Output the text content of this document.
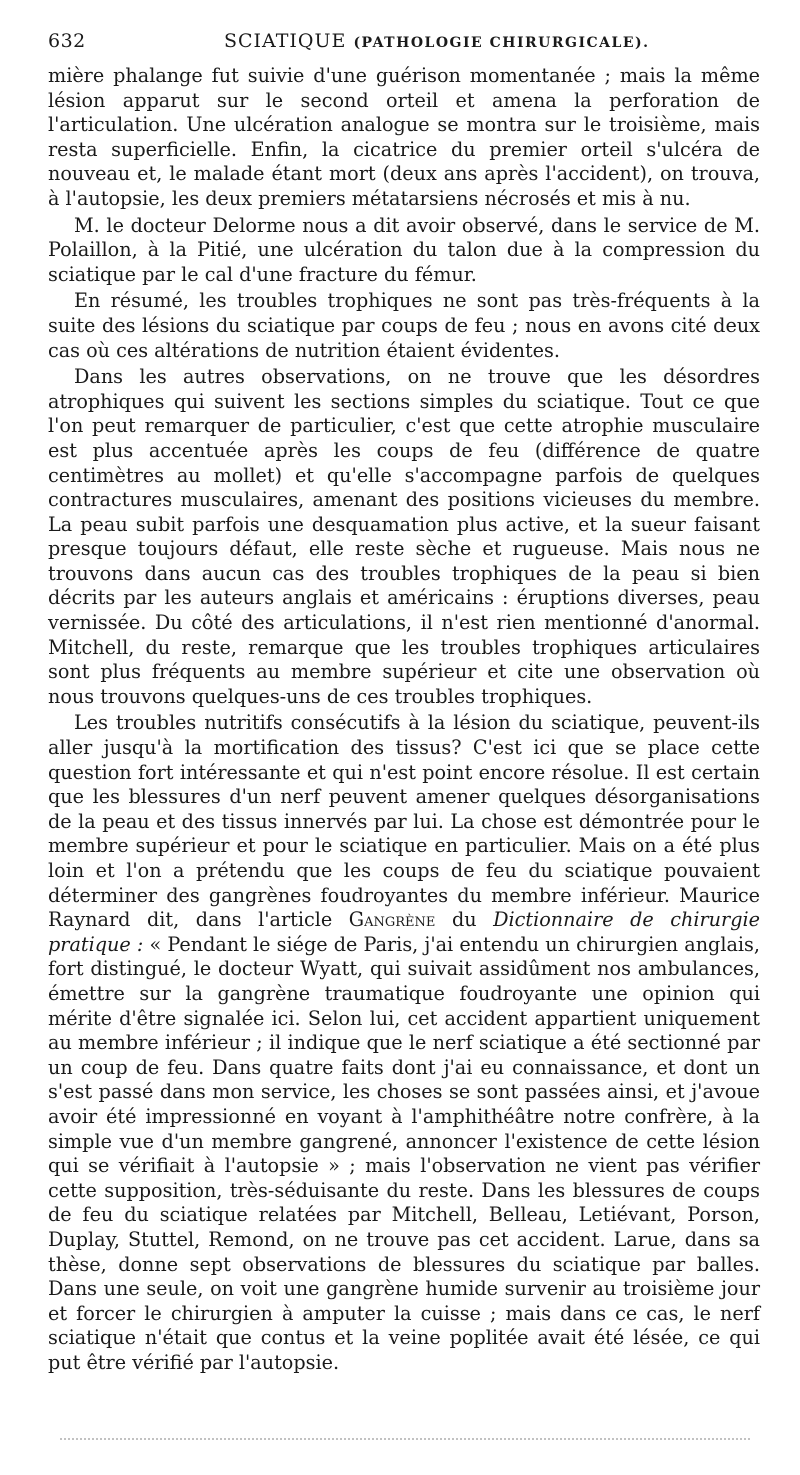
632	SCIATIQUE (PATHOLOGIE CHIRURGICALE).

mière phalange fut suivie d'une guérison momentanée ; mais la même lésion apparut sur le second orteil et amena la perforation de l'articulation. Une ulcération analogue se montra sur le troisième, mais resta superficielle. Enfin, la cicatrice du premier orteil s'ulcéra de nouveau et, le malade étant mort (deux ans après l'accident), on trouva, à l'autopsie, les deux premiers métatarsiens nécrosés et mis à nu.

M. le docteur Delorme nous a dit avoir observé, dans le service de M. Polaillon, à la Pitié, une ulcération du talon due à la compression du sciatique par le cal d'une fracture du fémur.

En résumé, les troubles trophiques ne sont pas très-fréquents à la suite des lésions du sciatique par coups de feu ; nous en avons cité deux cas où ces altérations de nutrition étaient évidentes.

Dans les autres observations, on ne trouve que les désordres atrophiques qui suivent les sections simples du sciatique. Tout ce que l'on peut remarquer de particulier, c'est que cette atrophie musculaire est plus accentuée après les coups de feu (différence de quatre centimètres au mollet) et qu'elle s'accompagne parfois de quelques contractures musculaires, amenant des positions vicieuses du membre. La peau subit parfois une desquamation plus active, et la sueur faisant presque toujours défaut, elle reste sèche et rugueuse. Mais nous ne trouvons dans aucun cas des troubles trophiques de la peau si bien décrits par les auteurs anglais et américains : éruptions diverses, peau vernissée. Du côté des articulations, il n'est rien mentionné d'anormal. Mitchell, du reste, remarque que les troubles trophiques articulaires sont plus fréquents au membre supérieur et cite une observation où nous trouvons quelques-uns de ces troubles trophiques.

Les troubles nutritifs consécutifs à la lésion du sciatique, peuvent-ils aller jusqu'à la mortification des tissus? C'est ici que se place cette question fort intéressante et qui n'est point encore résolue. Il est certain que les blessures d'un nerf peuvent amener quelques désorganisations de la peau et des tissus innervés par lui. La chose est démontrée pour le membre supérieur et pour le sciatique en particulier. Mais on a été plus loin et l'on a prétendu que les coups de feu du sciatique pouvaient déterminer des gangrènes foudroyantes du membre inférieur. Maurice Raynard dit, dans l'article Gangrène du Dictionnaire de chirurgie pratique : « Pendant le siége de Paris, j'ai entendu un chirurgien anglais, fort distingué, le docteur Wyatt, qui suivait assidûment nos ambulances, émettre sur la gangrène traumatique foudroyante une opinion qui mérite d'être signalée ici. Selon lui, cet accident appartient uniquement au membre inférieur ; il indique que le nerf sciatique a été sectionné par un coup de feu. Dans quatre faits dont j'ai eu connaissance, et dont un s'est passé dans mon service, les choses se sont passées ainsi, et j'avoue avoir été impressionné en voyant à l'amphithéâtre notre confrère, à la simple vue d'un membre gangrené, annoncer l'existence de cette lésion qui se vérifiait à l'autopsie » ; mais l'observation ne vient pas vérifier cette supposition, très-séduisante du reste. Dans les blessures de coups de feu du sciatique relatées par Mitchell, Belleau, Letiévant, Porson, Duplay, Stuttel, Remond, on ne trouve pas cet accident. Larue, dans sa thèse, donne sept observations de blessures du sciatique par balles. Dans une seule, on voit une gangrène humide survenir au troisième jour et forcer le chirurgien à amputer la cuisse ; mais dans ce cas, le nerf sciatique n'était que contus et la veine poplitée avait été lésée, ce qui put être vérifié par l'autopsie.
